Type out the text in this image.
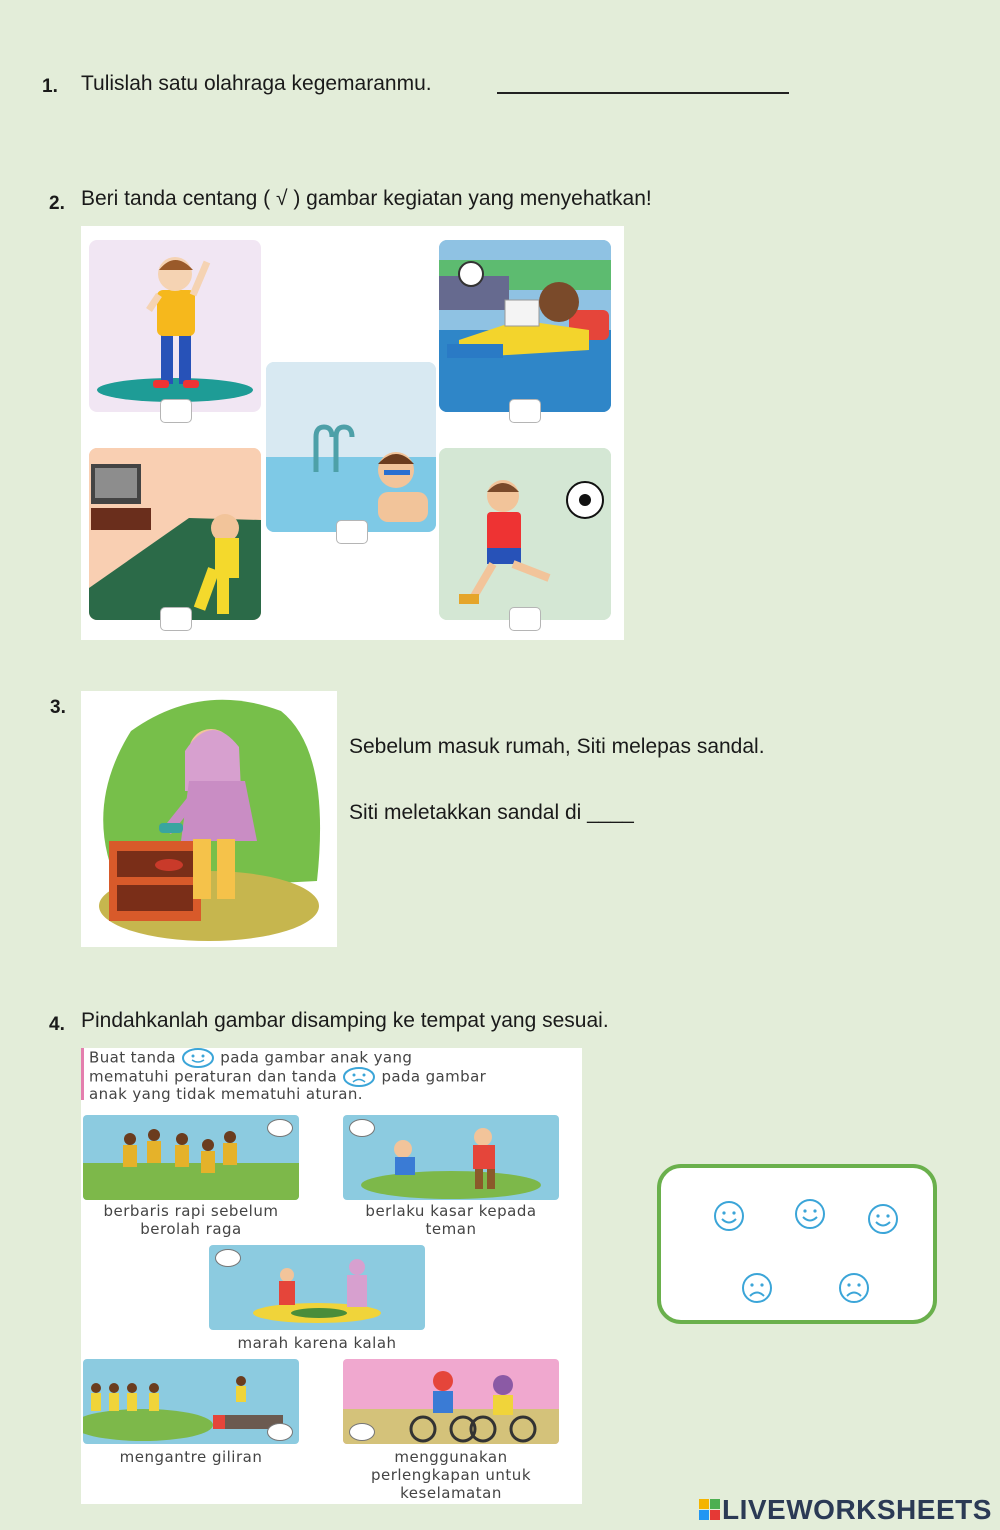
1. Tulislah satu olahraga kegemaranmu.
2. Beri tanda centang ( √ ) gambar kegiatan yang menyehatkan!
3.
Sebelum masuk rumah, Siti melepas sandal.
Siti meletakkan sandal di ____
4. Pindahkanlah gambar disamping ke tempat yang sesuai.
Buat tanda	pada gambar anak yang
mematuhi peraturan dan tanda	pada gambar
anak yang tidak mematuhi aturan.
berbaris rapi sebelum
berolah raga
berlaku kasar kepada
teman
marah karena kalah
mengantre giliran	menggunakan
perlengkapan untuk
keselamatan
LIVEWORKSHEETS
